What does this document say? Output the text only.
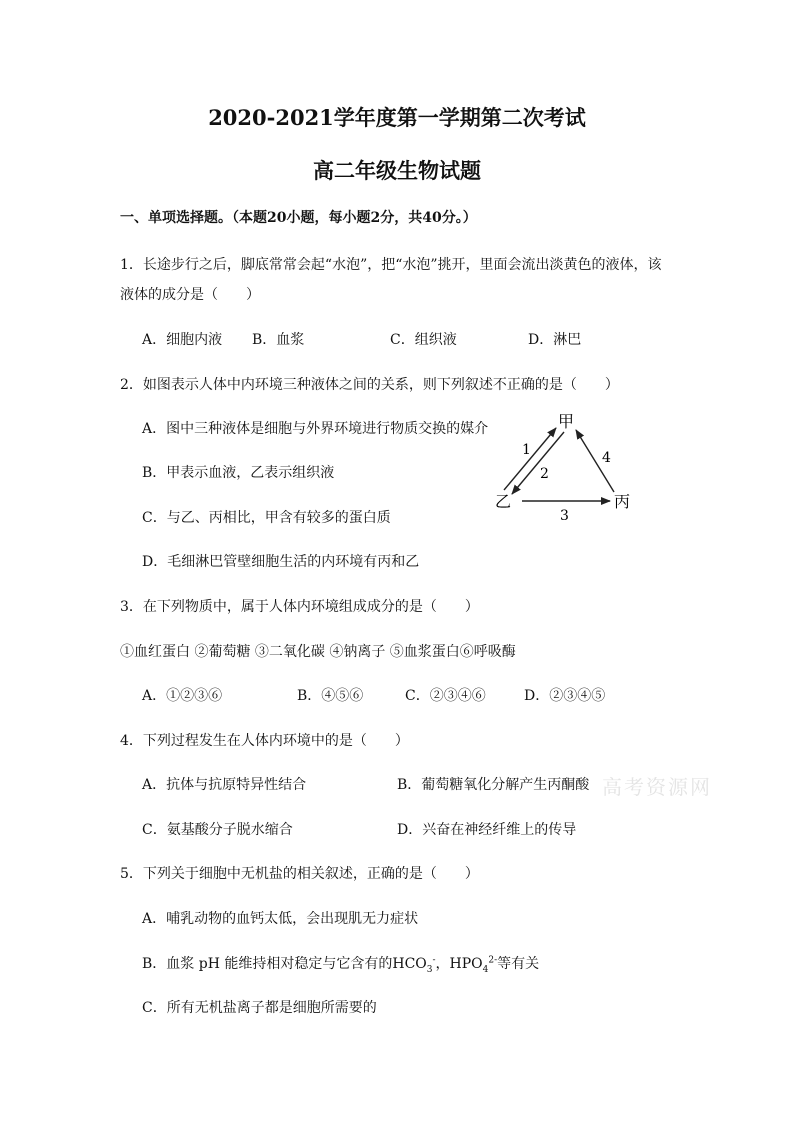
2020-2021学年度第一学期第二次考试
高二年级生物试题
一、单项选择题。（本题20小题，每小题2分，共40分。）
1．长途步行之后，脚底常常会起“水泡”，把“水泡”挑开，里面会流出淡黄色的液体，该
液体的成分是（　　）
A．细胞内液 B．血浆	C．组织液	D．淋巴
2．如图表示人体中内环境三种液体之间的关系，则下列叙述不正确的是（　　）
A．图中三种液体是细胞与外界环境进行物质交换的媒介
B．甲表示血液，乙表示组织液
C．与乙、丙相比，甲含有较多的蛋白质
D．毛细淋巴管壁细胞生活的内环境有丙和乙
甲
乙	丙
1
2
3
4
3．在下列物质中，属于人体内环境组成成分的是（　　）
①血红蛋白 ②葡萄糖 ③二氧化碳 ④钠离子 ⑤血浆蛋白⑥呼吸酶
A．①②③⑥	B．④⑤⑥	C．②③④⑥	D．②③④⑤
4．下列过程发生在人体内环境中的是（　　）
A．抗体与抗原特异性结合	B．葡萄糖氧化分解产生丙酮酸 高考资源网
C．氨基酸分子脱水缩合	D．兴奋在神经纤维上的传导
5．下列关于细胞中无机盐的相关叙述，正确的是（　　）
A．哺乳动物的血钙太低，会出现肌无力症状
B．血浆 pH 能维持相对稳定与它含有的$HCO_3^-$，$HPO_4^{2-}$等有关
C．所有无机盐离子都是细胞所需要的
